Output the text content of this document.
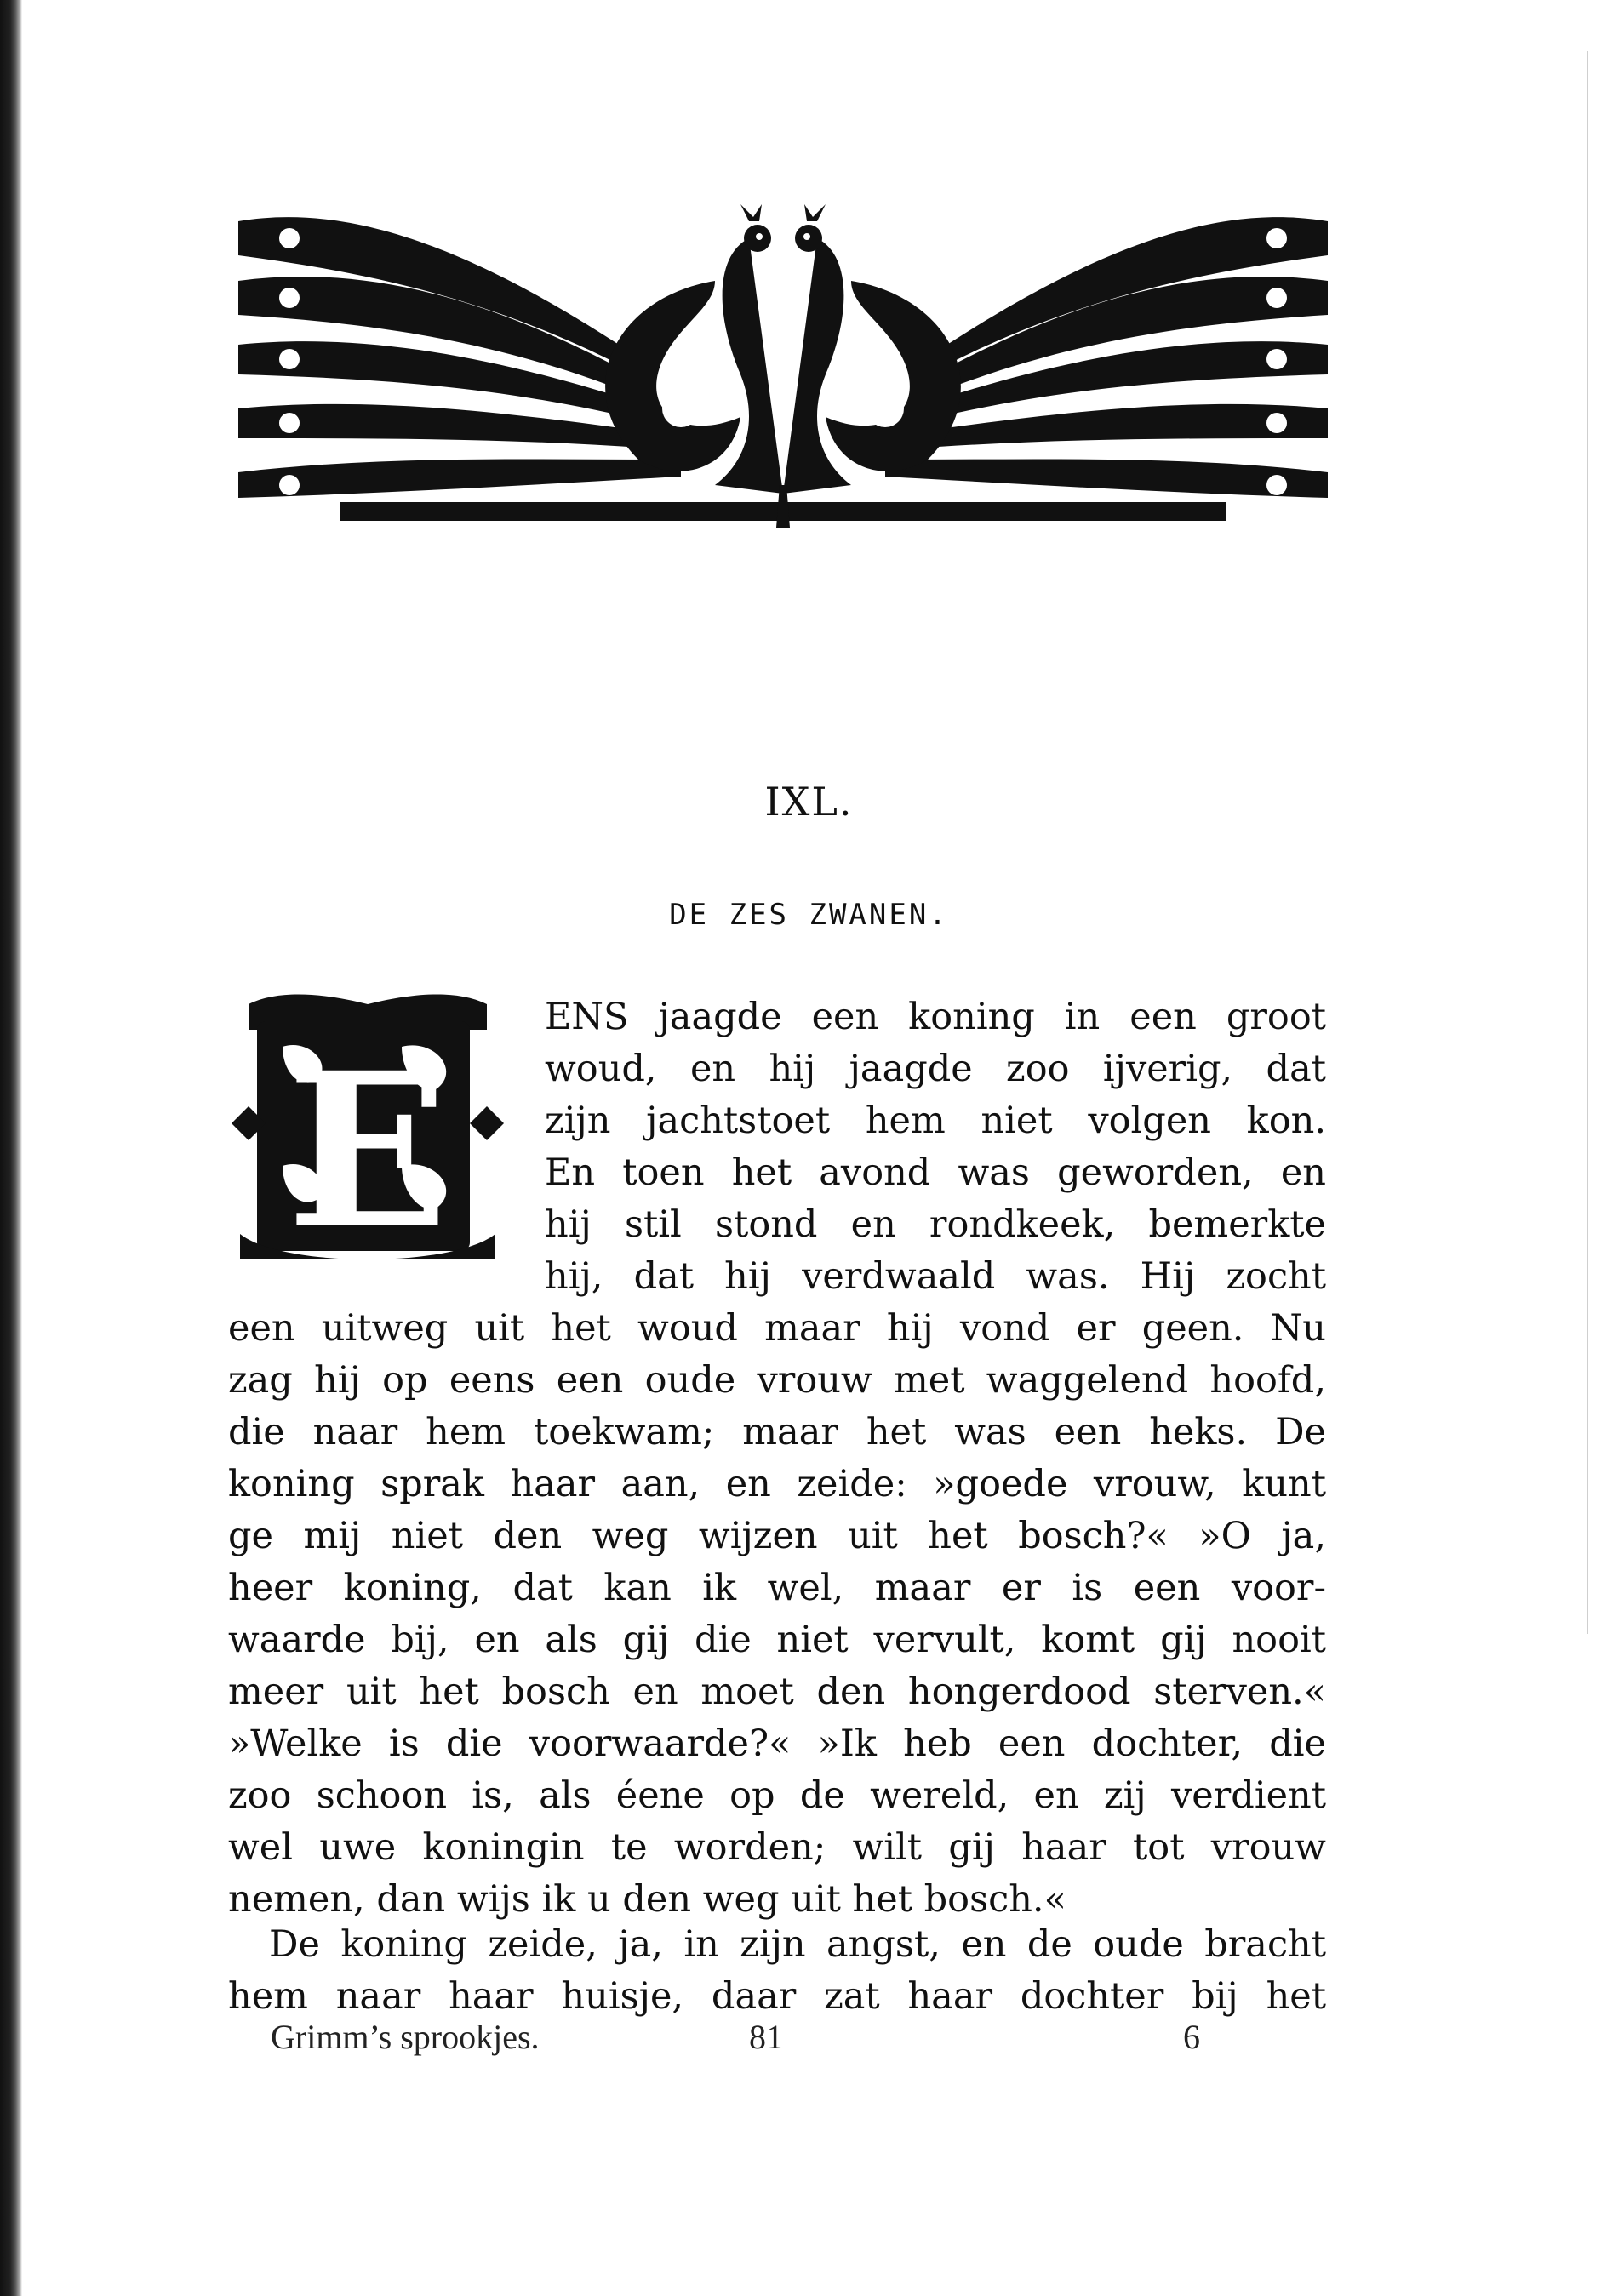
IXL.
DE ZES ZWANEN.
E
ENS jaagde een koning in een groot
woud, en hij jaagde zoo ijverig, dat
zijn jachtstoet hem niet volgen kon.
En toen het avond was geworden, en
hij stil stond en rondkeek, bemerkte
hij, dat hij verdwaald was. Hij zocht
een uitweg uit het woud maar hij vond er geen. Nu
zag hij op eens een oude vrouw met waggelend hoofd,
die naar hem toekwam; maar het was een heks. De
koning sprak haar aan, en zeide: »goede vrouw, kunt
ge mij niet den weg wijzen uit het bosch?« »O ja,
heer koning, dat kan ik wel, maar er is een voor-
waarde bij, en als gij die niet vervult, komt gij nooit
meer uit het bosch en moet den hongerdood sterven.«
»Welke is die voorwaarde?« »Ik heb een dochter, die
zoo schoon is, als éene op de wereld, en zij verdient
wel uwe koningin te worden; wilt gij haar tot vrouw
nemen, dan wijs ik u den weg uit het bosch.«
De koning zeide, ja, in zijn angst, en de oude bracht
hem naar haar huisje, daar zat haar dochter bij het
Grimm’s sprookjes.	81	6
